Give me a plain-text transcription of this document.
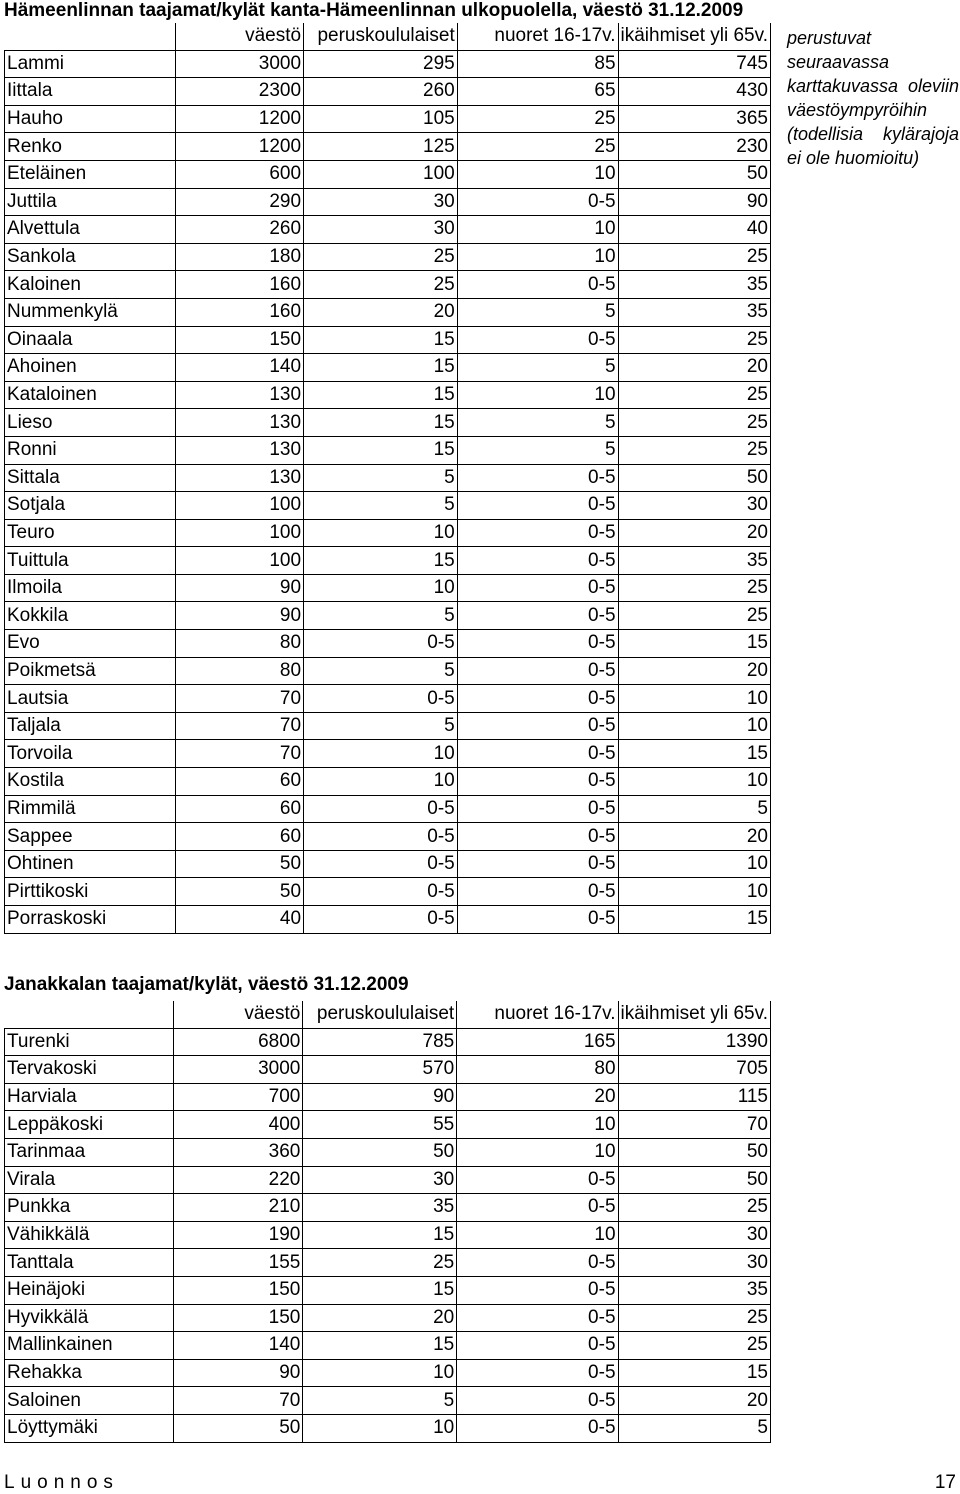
Hämeenlinnan taajamat/kylät kanta-Hämeenlinnan ulkopuolella, väestö 31.12.2009
	väestö	peruskoululaiset	nuoret 16-17v.	ikäihmiset yli 65v.
Lammi	3000	295	85	745
Iittala	2300	260	65	430
Hauho	1200	105	25	365
Renko	1200	125	25	230
Eteläinen	600	100	10	50
Juttila	290	30	0-5	90
Alvettula	260	30	10	40
Sankola	180	25	10	25
Kaloinen	160	25	0-5	35
Nummenkylä	160	20	5	35
Oinaala	150	15	0-5	25
Ahoinen	140	15	5	20
Kataloinen	130	15	10	25
Lieso	130	15	5	25
Ronni	130	15	5	25
Sittala	130	5	0-5	50
Sotjala	100	5	0-5	30
Teuro	100	10	0-5	20
Tuittula	100	15	0-5	35
Ilmoila	90	10	0-5	25
Kokkila	90	5	0-5	25
Evo	80	0-5	0-5	15
Poikmetsä	80	5	0-5	20
Lautsia	70	0-5	0-5	10
Taljala	70	5	0-5	10
Torvoila	70	10	0-5	15
Kostila	60	10	0-5	10
Rimmilä	60	0-5	0-5	5
Sappee	60	0-5	0-5	20
Ohtinen	50	0-5	0-5	10
Pirttikoski	50	0-5	0-5	10
Porraskoski	40	0-5	0-5	15
perustuvat seuraavassa karttakuvassa oleviin väestöympyröihin (todellisia kylärajoja ei ole huomioitu)
Janakkalan taajamat/kylät, väestö 31.12.2009
	väestö	peruskoululaiset	nuoret 16-17v.	ikäihmiset yli 65v.
Turenki	6800	785	165	1390
Tervakoski	3000	570	80	705
Harviala	700	90	20	115
Leppäkoski	400	55	10	70
Tarinmaa	360	50	10	50
Virala	220	30	0-5	50
Punkka	210	35	0-5	25
Vähikkälä	190	15	10	30
Tanttala	155	25	0-5	30
Heinäjoki	150	15	0-5	35
Hyvikkälä	150	20	0-5	25
Mallinkainen	140	15	0-5	25
Rehakka	90	10	0-5	15
Saloinen	70	5	0-5	20
Löyttymäki	50	10	0-5	5
Luonnos	17
